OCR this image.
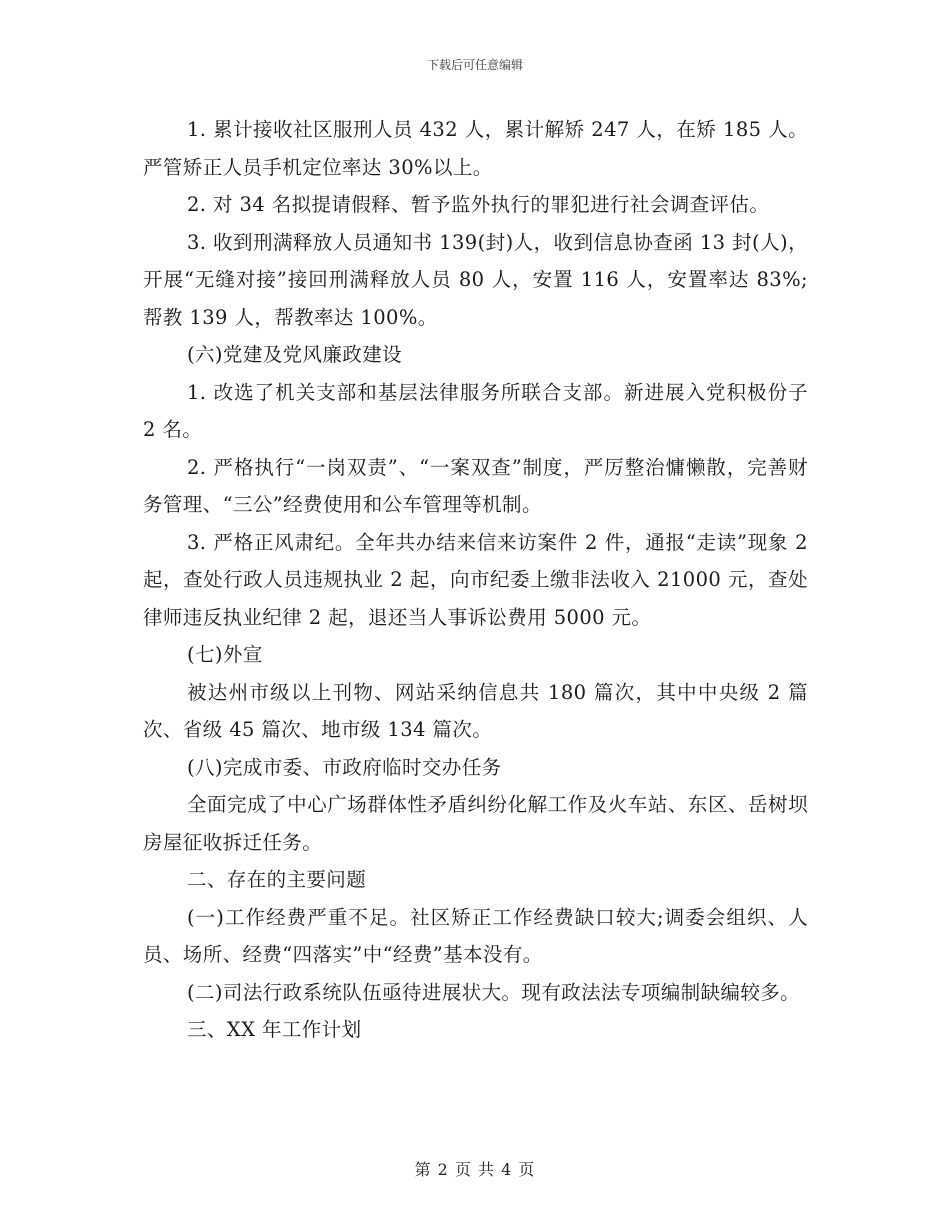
下载后可任意编辑

1. 累计接收社区服刑人员 432 人，累计解矫 247 人，在矫 185 人。严管矫正人员手机定位率达 30%以上。

2. 对 34 名拟提请假释、暂予监外执行的罪犯进行社会调查评估。

3. 收到刑满释放人员通知书 139(封)人，收到信息协查函 13 封(人)，开展“无缝对接”接回刑满释放人员 80 人，安置 116 人，安置率达 83%;帮教 139 人，帮教率达 100%。

(六)党建及党风廉政建设

1. 改选了机关支部和基层法律服务所联合支部。新进展入党积极份子 2 名。

2. 严格执行“一岗双责”、“一案双查”制度，严厉整治慵懒散，完善财务管理、“三公”经费使用和公车管理等机制。

3. 严格正风肃纪。全年共办结来信来访案件 2 件，通报“走读”现象 2 起，查处行政人员违规执业 2 起，向市纪委上缴非法收入 21000 元，查处律师违反执业纪律 2 起，退还当人事诉讼费用 5000 元。

(七)外宣

被达州市级以上刊物、网站采纳信息共 180 篇次，其中中央级 2 篇次、省级 45 篇次、地市级 134 篇次。

(八)完成市委、市政府临时交办任务

全面完成了中心广场群体性矛盾纠纷化解工作及火车站、东区、岳树坝房屋征收拆迁任务。

二、存在的主要问题

(一)工作经费严重不足。社区矫正工作经费缺口较大;调委会组织、人员、场所、经费“四落实”中“经费”基本没有。

(二)司法行政系统队伍亟待进展状大。现有政法法专项编制缺编较多。

三、XX 年工作计划

第 2 页 共 4 页
